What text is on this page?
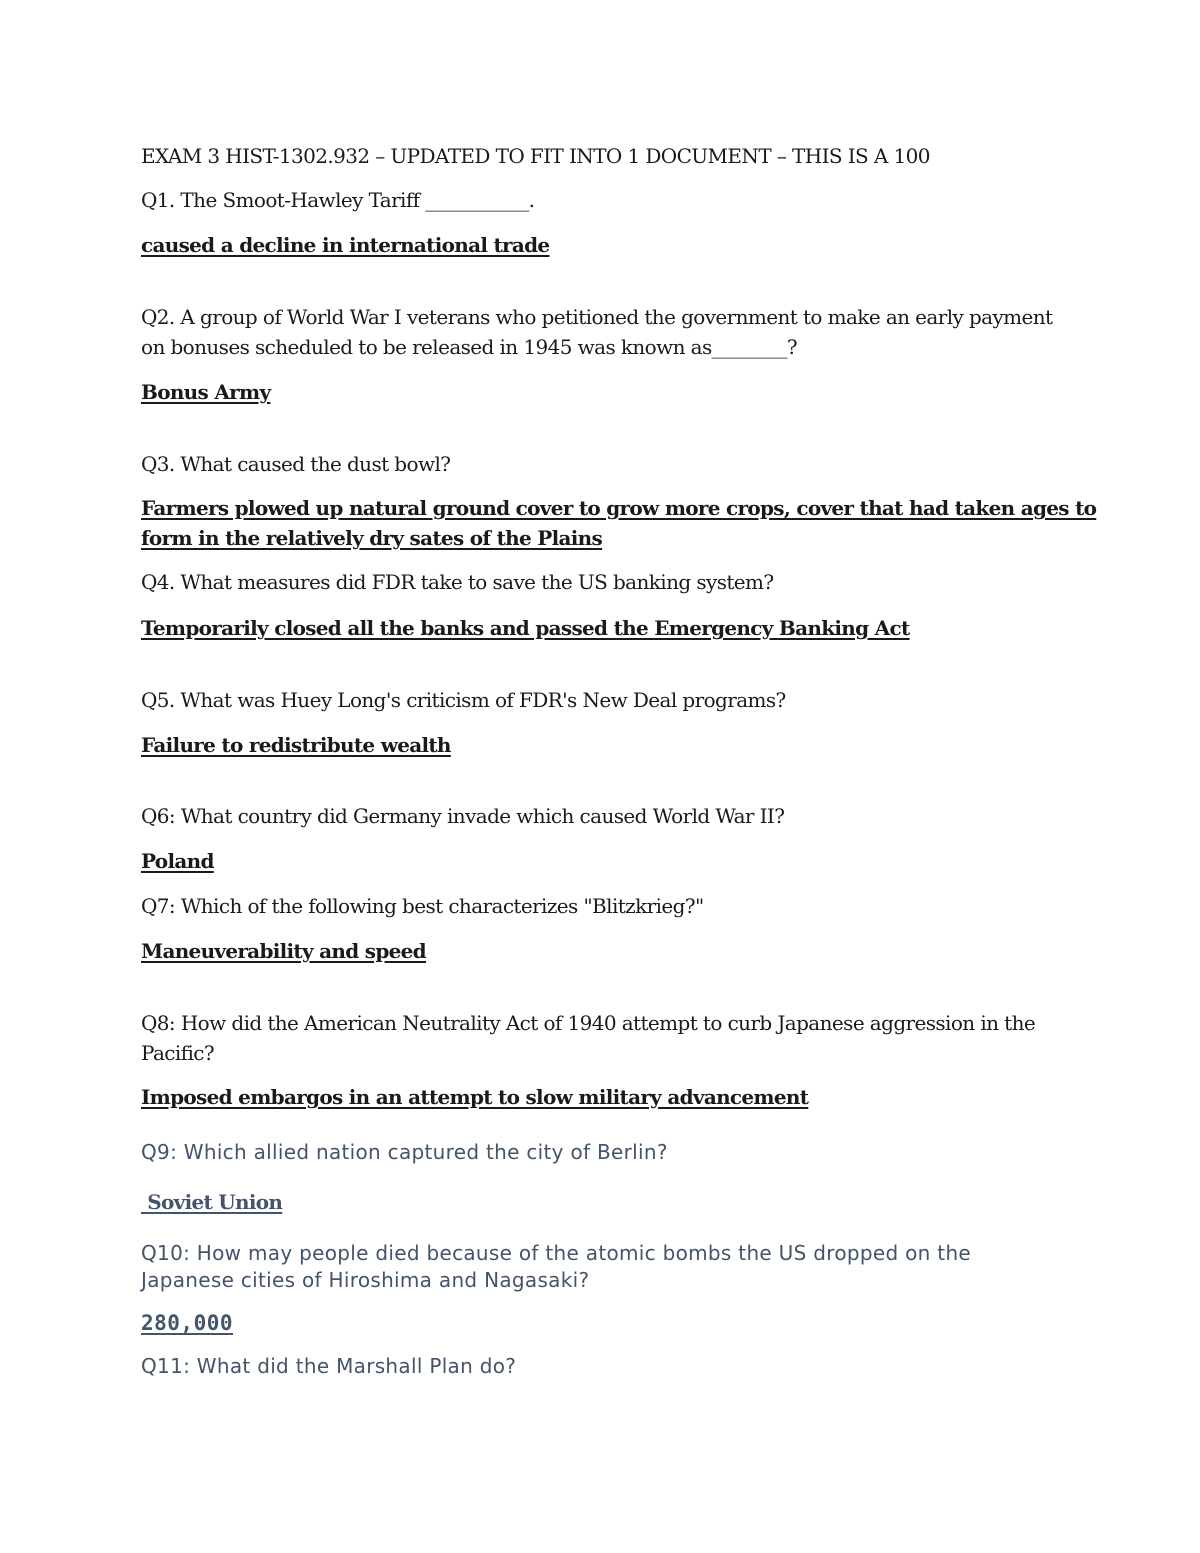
EXAM 3 HIST-1302.932 – UPDATED TO FIT INTO 1 DOCUMENT – THIS IS A 100
Q1. The Smoot-Hawley Tariff ___________.
caused a decline in international trade
Q2. A group of World War I veterans who petitioned the government to make an early payment
on bonuses scheduled to be released in 1945 was known as________?
Bonus Army
Q3. What caused the dust bowl?
Farmers plowed up natural ground cover to grow more crops, cover that had taken ages to
form in the relatively dry sates of the Plains
Q4. What measures did FDR take to save the US banking system?
Temporarily closed all the banks and passed the Emergency Banking Act
Q5. What was Huey Long's criticism of FDR's New Deal programs?
Failure to redistribute wealth
Q6: What country did Germany invade which caused World War II?
Poland
Q7: Which of the following best characterizes "Blitzkrieg?"
Maneuverability and speed
Q8: How did the American Neutrality Act of 1940 attempt to curb Japanese aggression in the
Pacific?
Imposed embargos in an attempt to slow military advancement
Q9: Which allied nation captured the city of Berlin?
Soviet Union
Q10: How may people died because of the atomic bombs the US dropped on the
Japanese cities of Hiroshima and Nagasaki?
280,000
Q11: What did the Marshall Plan do?
